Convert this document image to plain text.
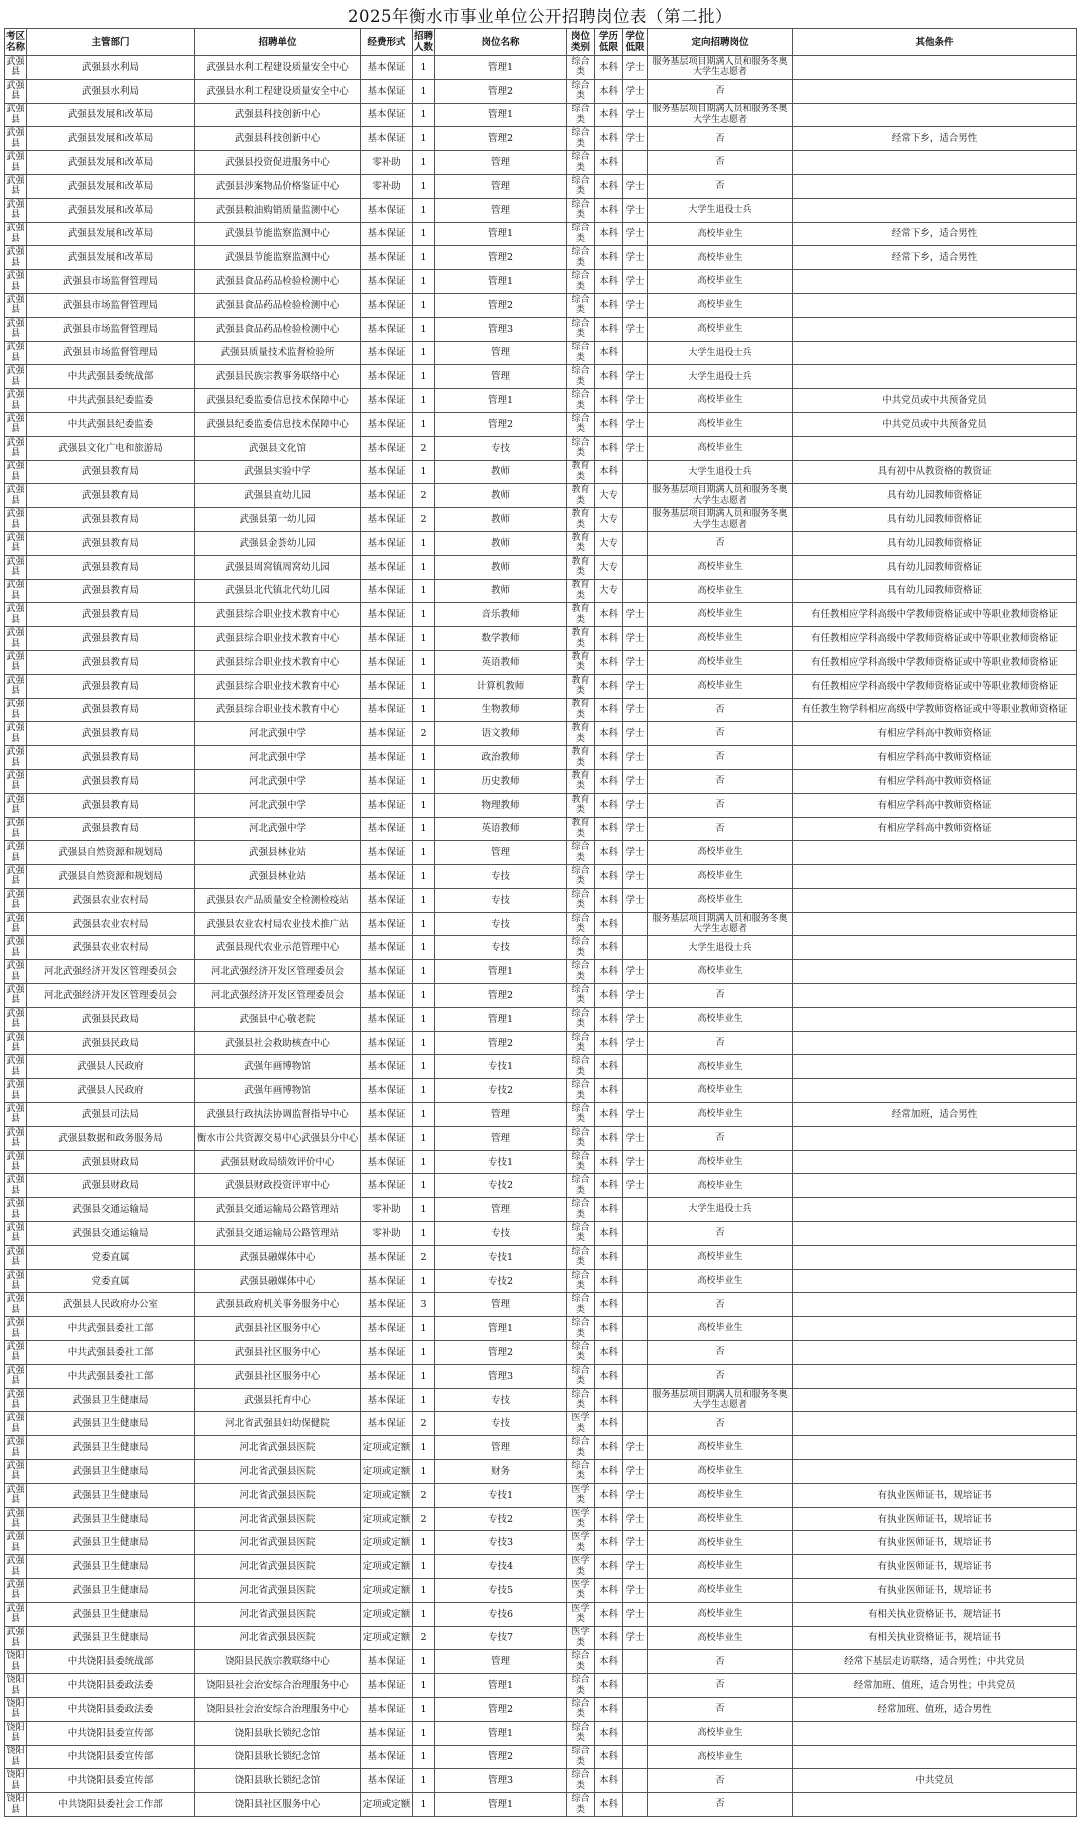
2025年衡水市事业单位公开招聘岗位表（第二批）
考区名称	主管部门	招聘单位	经费形式	招聘人数	岗位名称	岗位类别	学历低限	学位低限	定向招聘岗位	其他条件
武强县	武强县水利局	武强县水利工程建设质量安全中心	基本保证	1	管理1	综合类	本科	学士	服务基层项目期满人员和服务冬奥大学生志愿者	
武强县	武强县水利局	武强县水利工程建设质量安全中心	基本保证	1	管理2	综合类	本科	学士	否	
武强县	武强县发展和改革局	武强县科技创新中心	基本保证	1	管理1	综合类	本科	学士	服务基层项目期满人员和服务冬奥大学生志愿者	
武强县	武强县发展和改革局	武强县科技创新中心	基本保证	1	管理2	综合类	本科	学士	否	经常下乡，适合男性
武强县	武强县发展和改革局	武强县投资促进服务中心	零补助	1	管理	综合类	本科		否	
武强县	武强县发展和改革局	武强县涉案物品价格鉴证中心	零补助	1	管理	综合类	本科	学士	否	
武强县	武强县发展和改革局	武强县粮油购销质量监测中心	基本保证	1	管理	综合类	本科	学士	大学生退役士兵	
武强县	武强县发展和改革局	武强县节能监察监测中心	基本保证	1	管理1	综合类	本科	学士	高校毕业生	经常下乡，适合男性
武强县	武强县发展和改革局	武强县节能监察监测中心	基本保证	1	管理2	综合类	本科	学士	高校毕业生	经常下乡，适合男性
武强县	武强县市场监督管理局	武强县食品药品检验检测中心	基本保证	1	管理1	综合类	本科	学士	高校毕业生	
武强县	武强县市场监督管理局	武强县食品药品检验检测中心	基本保证	1	管理2	综合类	本科	学士	高校毕业生	
武强县	武强县市场监督管理局	武强县食品药品检验检测中心	基本保证	1	管理3	综合类	本科	学士	高校毕业生	
武强县	武强县市场监督管理局	武强县质量技术监督检验所	基本保证	1	管理	综合类	本科		大学生退役士兵	
武强县	中共武强县委统战部	武强县民族宗教事务联络中心	基本保证	1	管理	综合类	本科	学士	大学生退役士兵	
武强县	中共武强县纪委监委	武强县纪委监委信息技术保障中心	基本保证	1	管理1	综合类	本科	学士	高校毕业生	中共党员或中共预备党员
武强县	中共武强县纪委监委	武强县纪委监委信息技术保障中心	基本保证	1	管理2	综合类	本科	学士	高校毕业生	中共党员或中共预备党员
武强县	武强县文化广电和旅游局	武强县文化馆	基本保证	2	专技	综合类	本科	学士	高校毕业生	
武强县	武强县教育局	武强县实验中学	基本保证	1	教师	教育类	本科		大学生退役士兵	具有初中从教资格的教资证
武强县	武强县教育局	武强县直幼儿园	基本保证	2	教师	教育类	大专		服务基层项目期满人员和服务冬奥大学生志愿者	具有幼儿园教师资格证
武强县	武强县教育局	武强县第一幼儿园	基本保证	2	教师	教育类	大专		服务基层项目期满人员和服务冬奥大学生志愿者	具有幼儿园教师资格证
武强县	武强县教育局	武强县金荟幼儿园	基本保证	1	教师	教育类	大专		否	具有幼儿园教师资格证
武强县	武强县教育局	武强县周窝镇周窝幼儿园	基本保证	1	教师	教育类	大专		高校毕业生	具有幼儿园教师资格证
武强县	武强县教育局	武强县北代镇北代幼儿园	基本保证	1	教师	教育类	大专		高校毕业生	具有幼儿园教师资格证
武强县	武强县教育局	武强县综合职业技术教育中心	基本保证	1	音乐教师	教育类	本科	学士	高校毕业生	有任教相应学科高级中学教师资格证或中等职业教师资格证
武强县	武强县教育局	武强县综合职业技术教育中心	基本保证	1	数学教师	教育类	本科	学士	高校毕业生	有任教相应学科高级中学教师资格证或中等职业教师资格证
武强县	武强县教育局	武强县综合职业技术教育中心	基本保证	1	英语教师	教育类	本科	学士	高校毕业生	有任教相应学科高级中学教师资格证或中等职业教师资格证
武强县	武强县教育局	武强县综合职业技术教育中心	基本保证	1	计算机教师	教育类	本科	学士	高校毕业生	有任教相应学科高级中学教师资格证或中等职业教师资格证
武强县	武强县教育局	武强县综合职业技术教育中心	基本保证	1	生物教师	教育类	本科	学士	否	有任教生物学科相应高级中学教师资格证或中等职业教师资格证
武强县	武强县教育局	河北武强中学	基本保证	2	语文教师	教育类	本科	学士	否	有相应学科高中教师资格证
武强县	武强县教育局	河北武强中学	基本保证	1	政治教师	教育类	本科	学士	否	有相应学科高中教师资格证
武强县	武强县教育局	河北武强中学	基本保证	1	历史教师	教育类	本科	学士	否	有相应学科高中教师资格证
武强县	武强县教育局	河北武强中学	基本保证	1	物理教师	教育类	本科	学士	否	有相应学科高中教师资格证
武强县	武强县教育局	河北武强中学	基本保证	1	英语教师	教育类	本科	学士	否	有相应学科高中教师资格证
武强县	武强县自然资源和规划局	武强县林业站	基本保证	1	管理	综合类	本科	学士	高校毕业生	
武强县	武强县自然资源和规划局	武强县林业站	基本保证	1	专技	综合类	本科	学士	高校毕业生	
武强县	武强县农业农村局	武强县农产品质量安全检测检疫站	基本保证	1	专技	综合类	本科	学士	高校毕业生	
武强县	武强县农业农村局	武强县农业农村局农业技术推广站	基本保证	1	专技	综合类	本科		服务基层项目期满人员和服务冬奥大学生志愿者	
武强县	武强县农业农村局	武强县现代农业示范管理中心	基本保证	1	专技	综合类	本科		大学生退役士兵	
武强县	河北武强经济开发区管理委员会	河北武强经济开发区管理委员会	基本保证	1	管理1	综合类	本科	学士	高校毕业生	
武强县	河北武强经济开发区管理委员会	河北武强经济开发区管理委员会	基本保证	1	管理2	综合类	本科	学士	否	
武强县	武强县民政局	武强县中心敬老院	基本保证	1	管理1	综合类	本科	学士	高校毕业生	
武强县	武强县民政局	武强县社会救助核查中心	基本保证	1	管理2	综合类	本科	学士	否	
武强县	武强县人民政府	武强年画博物馆	基本保证	1	专技1	综合类	本科		高校毕业生	
武强县	武强县人民政府	武强年画博物馆	基本保证	1	专技2	综合类	本科		高校毕业生	
武强县	武强县司法局	武强县行政执法协调监督指导中心	基本保证	1	管理	综合类	本科	学士	高校毕业生	经常加班，适合男性
武强县	武强县数据和政务服务局	衡水市公共资源交易中心武强县分中心	基本保证	1	管理	综合类	本科	学士	否	
武强县	武强县财政局	武强县财政局绩效评价中心	基本保证	1	专技1	综合类	本科	学士	高校毕业生	
武强县	武强县财政局	武强县财政投资评审中心	基本保证	1	专技2	综合类	本科	学士	高校毕业生	
武强县	武强县交通运输局	武强县交通运输局公路管理站	零补助	1	管理	综合类	本科		大学生退役士兵	
武强县	武强县交通运输局	武强县交通运输局公路管理站	零补助	1	专技	综合类	本科		否	
武强县	党委直属	武强县融媒体中心	基本保证	2	专技1	综合类	本科		高校毕业生	
武强县	党委直属	武强县融媒体中心	基本保证	1	专技2	综合类	本科		高校毕业生	
武强县	武强县人民政府办公室	武强县政府机关事务服务中心	基本保证	3	管理	综合类	本科		否	
武强县	中共武强县委社工部	武强县社区服务中心	基本保证	1	管理1	综合类	本科		高校毕业生	
武强县	中共武强县委社工部	武强县社区服务中心	基本保证	1	管理2	综合类	本科		否	
武强县	中共武强县委社工部	武强县社区服务中心	基本保证	1	管理3	综合类	本科		否	
武强县	武强县卫生健康局	武强县托育中心	基本保证	1	专技	综合类	本科		服务基层项目期满人员和服务冬奥大学生志愿者	
武强县	武强县卫生健康局	河北省武强县妇幼保健院	基本保证	2	专技	医学类	本科		否	
武强县	武强县卫生健康局	河北省武强县医院	定项或定额	1	管理	综合类	本科	学士	高校毕业生	
武强县	武强县卫生健康局	河北省武强县医院	定项或定额	1	财务	综合类	本科	学士	高校毕业生	
武强县	武强县卫生健康局	河北省武强县医院	定项或定额	2	专技1	医学类	本科	学士	高校毕业生	有执业医师证书，规培证书
武强县	武强县卫生健康局	河北省武强县医院	定项或定额	2	专技2	医学类	本科	学士	高校毕业生	有执业医师证书，规培证书
武强县	武强县卫生健康局	河北省武强县医院	定项或定额	1	专技3	医学类	本科	学士	高校毕业生	有执业医师证书，规培证书
武强县	武强县卫生健康局	河北省武强县医院	定项或定额	1	专技4	医学类	本科	学士	高校毕业生	有执业医师证书，规培证书
武强县	武强县卫生健康局	河北省武强县医院	定项或定额	1	专技5	医学类	本科	学士	高校毕业生	有执业医师证书，规培证书
武强县	武强县卫生健康局	河北省武强县医院	定项或定额	1	专技6	医学类	本科	学士	高校毕业生	有相关执业资格证书，规培证书
武强县	武强县卫生健康局	河北省武强县医院	定项或定额	2	专技7	医学类	本科	学士	高校毕业生	有相关执业资格证书，规培证书
饶阳县	中共饶阳县委统战部	饶阳县民族宗教联络中心	基本保证	1	管理	综合类	本科		否	经常下基层走访联络，适合男性；中共党员
饶阳县	中共饶阳县委政法委	饶阳县社会治安综合治理服务中心	基本保证	1	管理1	综合类	本科		否	经常加班、值班，适合男性；中共党员
饶阳县	中共饶阳县委政法委	饶阳县社会治安综合治理服务中心	基本保证	1	管理2	综合类	本科		否	经常加班、值班，适合男性
饶阳县	中共饶阳县委宣传部	饶阳县耿长锁纪念馆	基本保证	1	管理1	综合类	本科		高校毕业生	
饶阳县	中共饶阳县委宣传部	饶阳县耿长锁纪念馆	基本保证	1	管理2	综合类	本科		高校毕业生	
饶阳县	中共饶阳县委宣传部	饶阳县耿长锁纪念馆	基本保证	1	管理3	综合类	本科		否	中共党员
饶阳县	中共饶阳县委社会工作部	饶阳县社区服务中心	定项或定额	1	管理1	综合类	本科		否	
